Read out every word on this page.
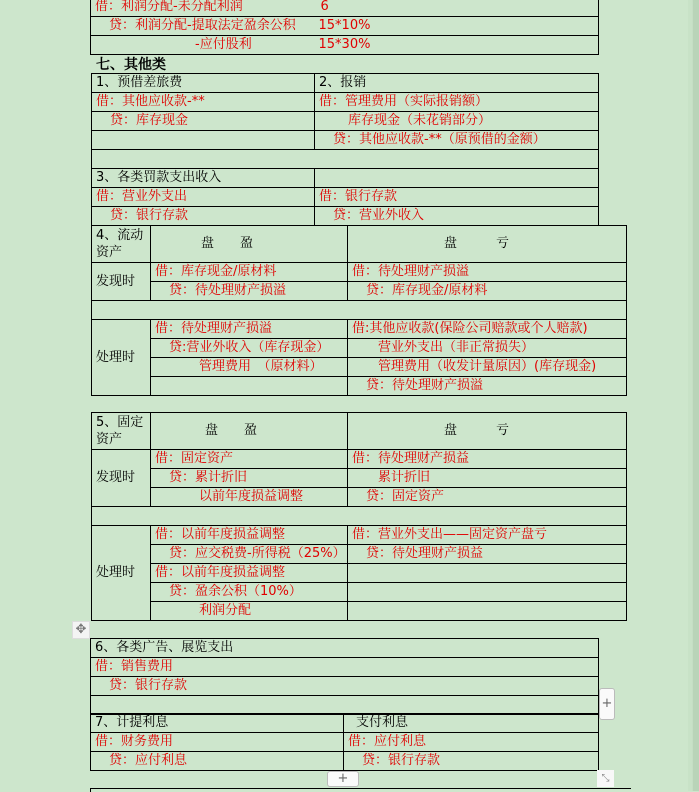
借：利润分配-未分配利润	6
贷：利润分配-提取法定盈余公积	15*10%
-应付股利	15*30%
七、其他类
1、预借差旅费	2、报销
借：其他应收款-**	借：管理费用（实际报销额）
贷：库存现金	库存现金（未花销部分）
	贷：其他应收款-**（原预借的金额）

3、各类罚款支出收入	
借：营业外支出	借：银行存款
贷：银行存款	贷：营业外收入
4、流动资产	盘　　盈	盘　　　亏
发现时	借：库存现金/原材料	借：待处理财产损溢
	贷：待处理财产损溢	贷：库存现金/原材料

处理时	借：待处理财产损溢	借:其他应收款(保险公司赔款或个人赔款)
	贷:营业外收入（库存现金）	营业外支出（非正常损失）
	管理费用　（原材料）	管理费用（收发计量原因）(库存现金)
		贷：待处理财产损溢
5、固定资产	盘　　盈	盘　　　亏
发现时	借：固定资产	借：待处理财产损益
	贷：累计折旧	累计折旧
	以前年度损益调整	贷：固定资产

处理时	借：以前年度损益调整	借：营业外支出——固定资产盘亏
	贷：应交税费-所得税（25%）	贷：待处理财产损益
	借：以前年度损益调整	
	贷：盈余公积（10%）	
	利润分配	
✥
6、各类广告、展览支出
借：销售费用
贷：银行存款

+
7、计提利息	支付利息
借：财务费用	借：应付利息
贷：应付利息	贷：银行存款
+	⤡
